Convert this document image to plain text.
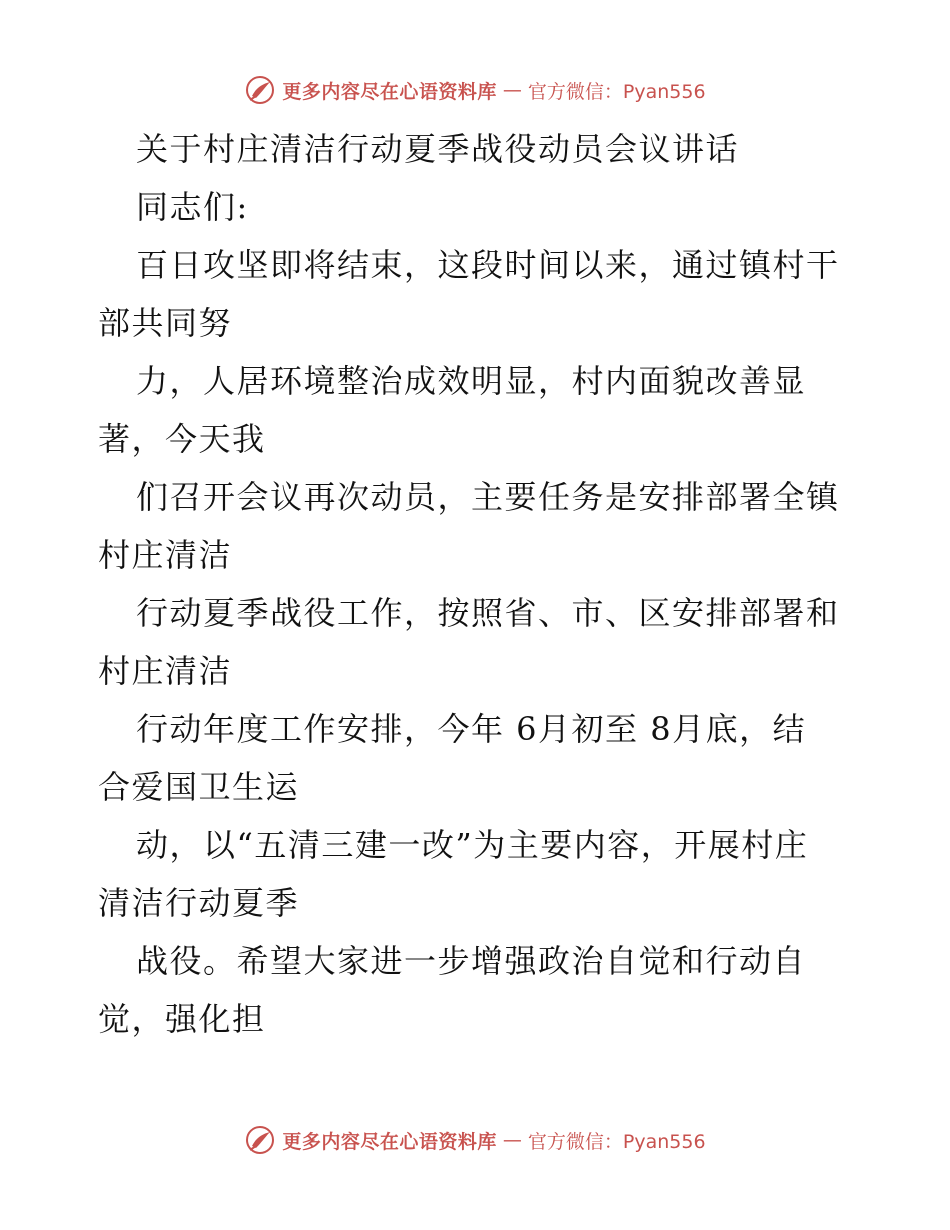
更多内容尽在心语资料库 — 官方微信：Pyan556
关于村庄清洁行动夏季战役动员会议讲话
同志们:
百日攻坚即将结束，这段时间以来，通过镇村干
部共同努
力，人居环境整治成效明显，村内面貌改善显
著，今天我
们召开会议再次动员，主要任务是安排部署全镇
村庄清洁
行动夏季战役工作，按照省、市、区安排部署和
村庄清洁
行动年度工作安排，今年 6月初至 8月底，结
合爱国卫生运
动，以“五清三建一改”为主要内容，开展村庄
清洁行动夏季
战役。希望大家进一步增强政治自觉和行动自
觉，强化担
更多内容尽在心语资料库 — 官方微信：Pyan556
